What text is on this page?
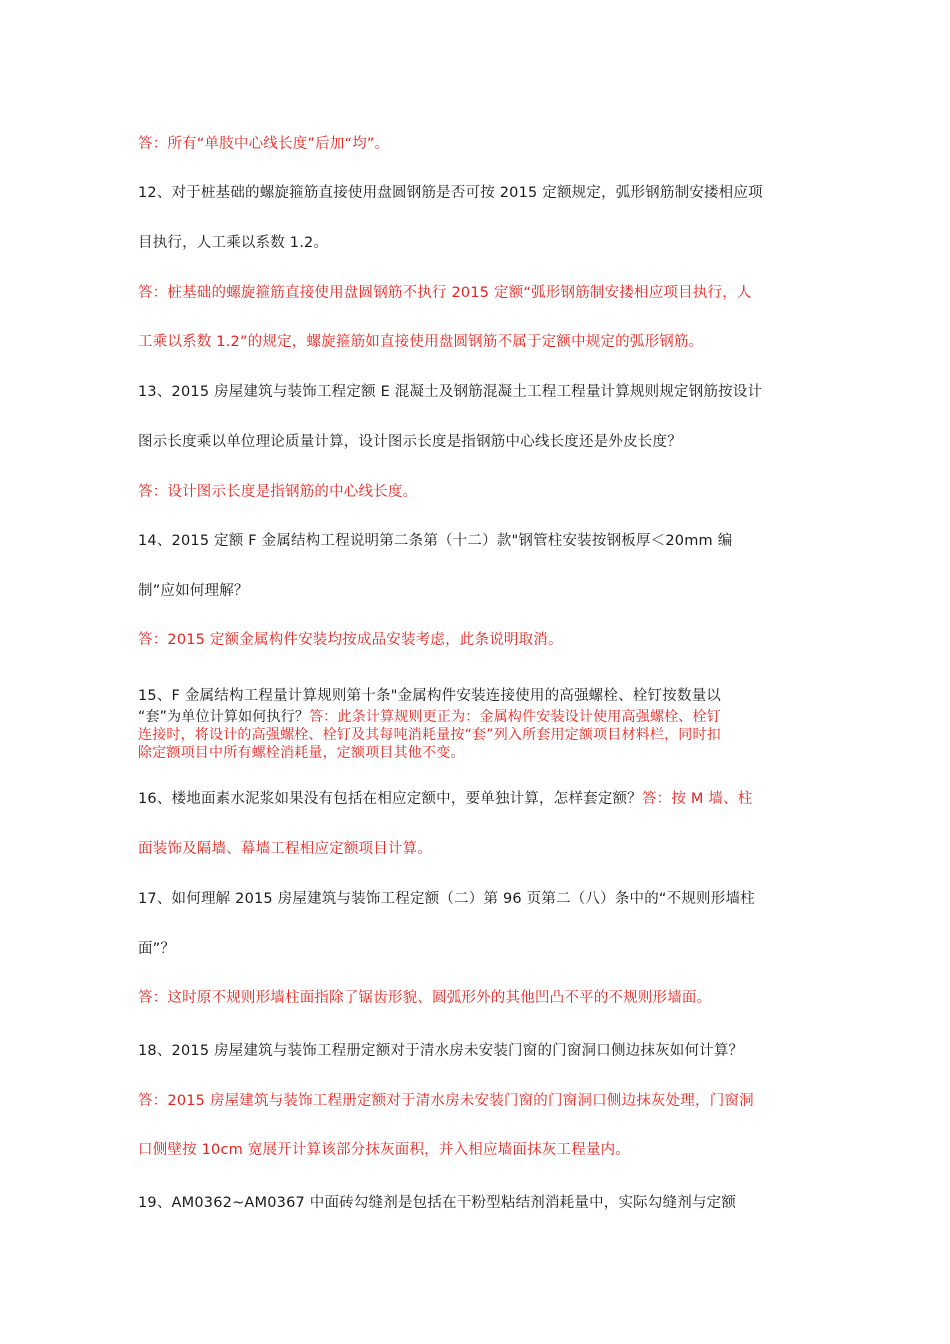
答：所有“单肢中心线长度”后加“均”。
12、对于桩基础的螺旋箍筋直接使用盘圆钢筋是否可按 2015 定额规定，弧形钢筋制安搂相应项
目执行，人工乘以系数 1.2。
答：桩基础的螺旋箍筋直接使用盘圆钢筋不执行 2015 定额“弧形钢筋制安搂相应项目执行，人
工乘以系数 1.2”的规定，螺旋箍筋如直接使用盘圆钢筋不属于定额中规定的弧形钢筋。
13、2015 房屋建筑与装饰工程定额 E 混凝土及钢筋混凝土工程工程量计算规则规定钢筋按设计
图示长度乘以单位理论质量计算，设计图示长度是指钢筋中心线长度还是外皮长度？
答：设计图示长度是指钢筋的中心线长度。
14、2015 定额 F 金属结构工程说明第二条第（十二）款"钢管柱安装按钢板厚＜20mm 编
制”应如何理解？
答：2015 定额金属构件安装均按成品安装考虑，此条说明取消。
15、F 金属结构工程量计算规则第十条"金属构件安装连接使用的高强螺栓、栓钉按数量以
“套”为单位计算如何执行？答：此条计算规则更正为：金属构件安装设计使用高强螺栓、栓钉
连接时，将设计的高强螺栓、栓钉及其每吨消耗量按“套”列入所套用定额项目材料栏，同时扣
除定额项目中所有螺栓消耗量，定额项目其他不变。
16、楼地面素水泥浆如果没有包括在相应定额中，要单独计算，怎样套定额？答：按 M 墙、柱
面装饰及隔墙、幕墙工程相应定额项目计算。
17、如何理解 2015 房屋建筑与装饰工程定额（二）第 96 页第二（八）条中的“不规则形墙柱
面”？
答：这时原不规则形墙柱面指除了锯齿形貌、圆弧形外的其他凹凸不平的不规则形墙面。
18、2015 房屋建筑与装饰工程册定额对于清水房未安装门窗的门窗洞口侧边抹灰如何计算？
答：2015 房屋建筑与装饰工程册定额对于清水房未安装门窗的门窗洞口侧边抹灰处理，门窗洞
口侧壁按 10cm 宽展开计算该部分抹灰面积，并入相应墙面抹灰工程量内。
19、AM0362~AM0367 中面砖勾缝剂是包括在干粉型粘结剂消耗量中，实际勾缝剂与定额
